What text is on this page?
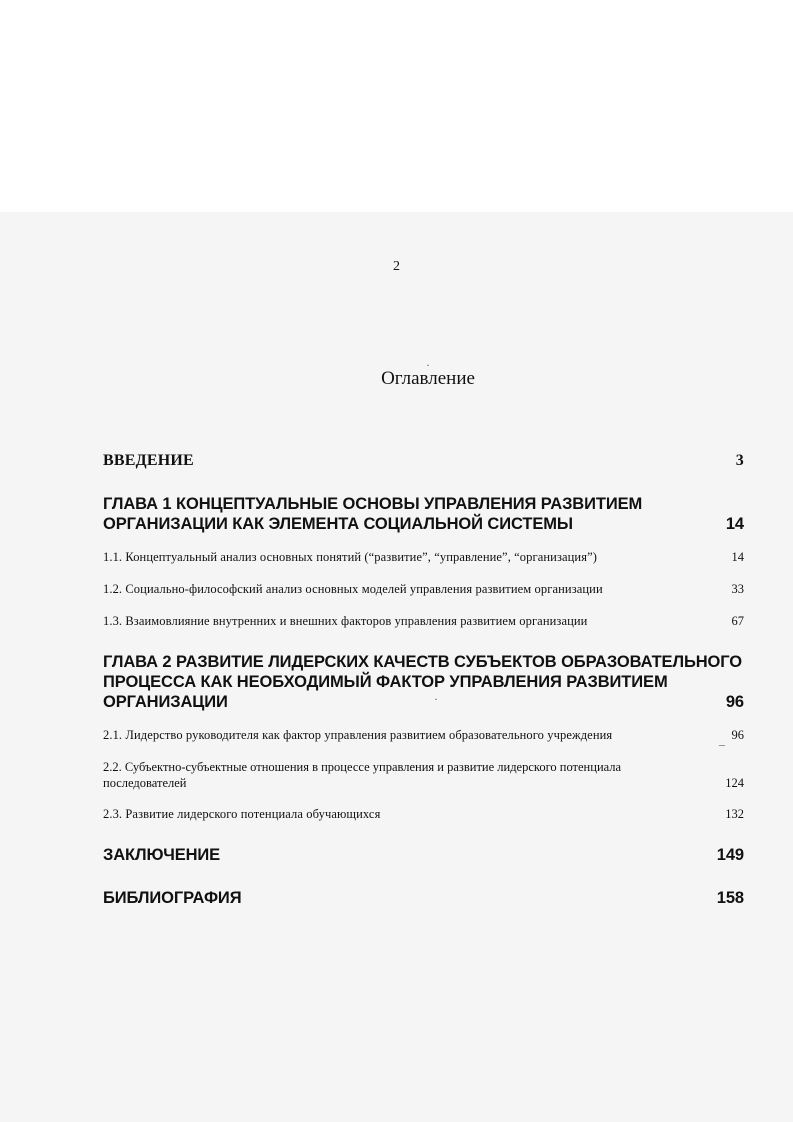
2
Оглавление
ВВЕДЕНИЕ	3
ГЛАВА 1 КОНЦЕПТУАЛЬНЫЕ ОСНОВЫ УПРАВЛЕНИЯ РАЗВИТИЕМ
ОРГАНИЗАЦИИ КАК ЭЛЕМЕНТА СОЦИАЛЬНОЙ СИСТЕМЫ	14
1.1. Концептуальный анализ основных понятий (“развитие”, “управление”, “организация”)	14
1.2. Социально-философский анализ основных моделей управления развитием организации	33
1.3. Взаимовлияние внутренних и внешних факторов управления развитием организации	67
ГЛАВА 2 РАЗВИТИЕ ЛИДЕРСКИХ КАЧЕСТВ СУБЪЕКТОВ ОБРАЗОВАТЕЛЬНОГО
ПРОЦЕССА КАК НЕОБХОДИМЫЙ ФАКТОР УПРАВЛЕНИЯ РАЗВИТИЕМ
ОРГАНИЗАЦИИ	96
2.1. Лидерство руководителя как фактор управления развитием образовательного учреждения	96
2.2. Субъектно-субъектные отношения в процессе управления и развитие лидерского потенциала
последователей	124
2.3. Развитие лидерского потенциала обучающихся	132
ЗАКЛЮЧЕНИЕ	149
БИБЛИОГРАФИЯ	158
·
·
_
